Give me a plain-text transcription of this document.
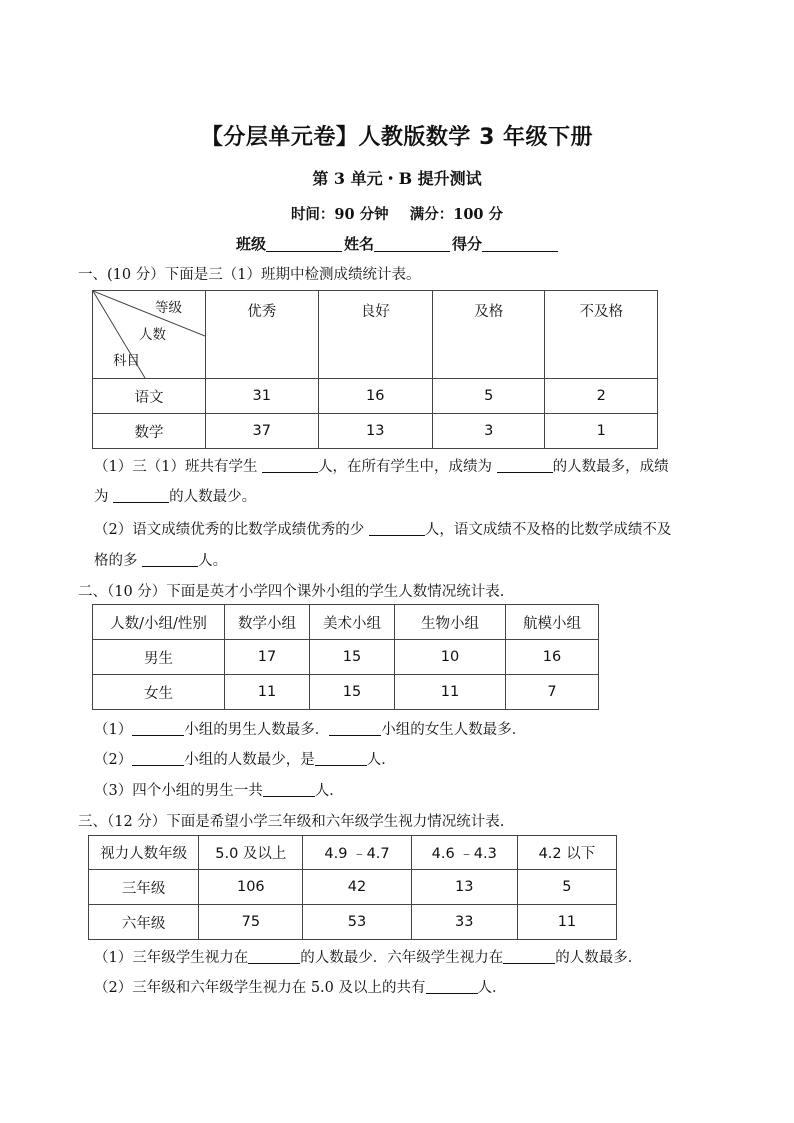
【分层单元卷】人教版数学 3 年级下册
第 3 单元・B 提升测试
时间：90 分钟 满分：100 分
班级	姓名	得分
一、(10 分）下面是三（1）班期中检测成绩统计表。
等级
人数
科目	优秀	良好	及格	不及格
语文	31	16	5	2
数学	37	13	3	1
（1）三（1）班共有学生	人，在所有学生中，成绩为	的人数最多，成绩
为	的人数最少。
（2）语文成绩优秀的比数学成绩优秀的少	人，语文成绩不及格的比数学成绩不及
格的多	人。
二、（10 分）下面是英才小学四个课外小组的学生人数情况统计表.
人数/小组/性别	数学小组	美术小组	生物小组	航模小组
男生	17	15	10	16
女生	11	15	11	7
（1）	小组的男生人数最多．	小组的女生人数最多．
（2）	小组的人数最少，是	人．
（3）四个小组的男生一共	人．
三、（12 分）下面是希望小学三年级和六年级学生视力情况统计表.
视力人数年级	5.0 及以上	4.9 ﹣4.7	4.6 ﹣4.3	4.2 以下
三年级	106	42	13	5
六年级	75	53	33	11
（1）三年级学生视力在	的人数最少．六年级学生视力在	的人数最多．
（2）三年级和六年级学生视力在 5.0 及以上的共有	人．
